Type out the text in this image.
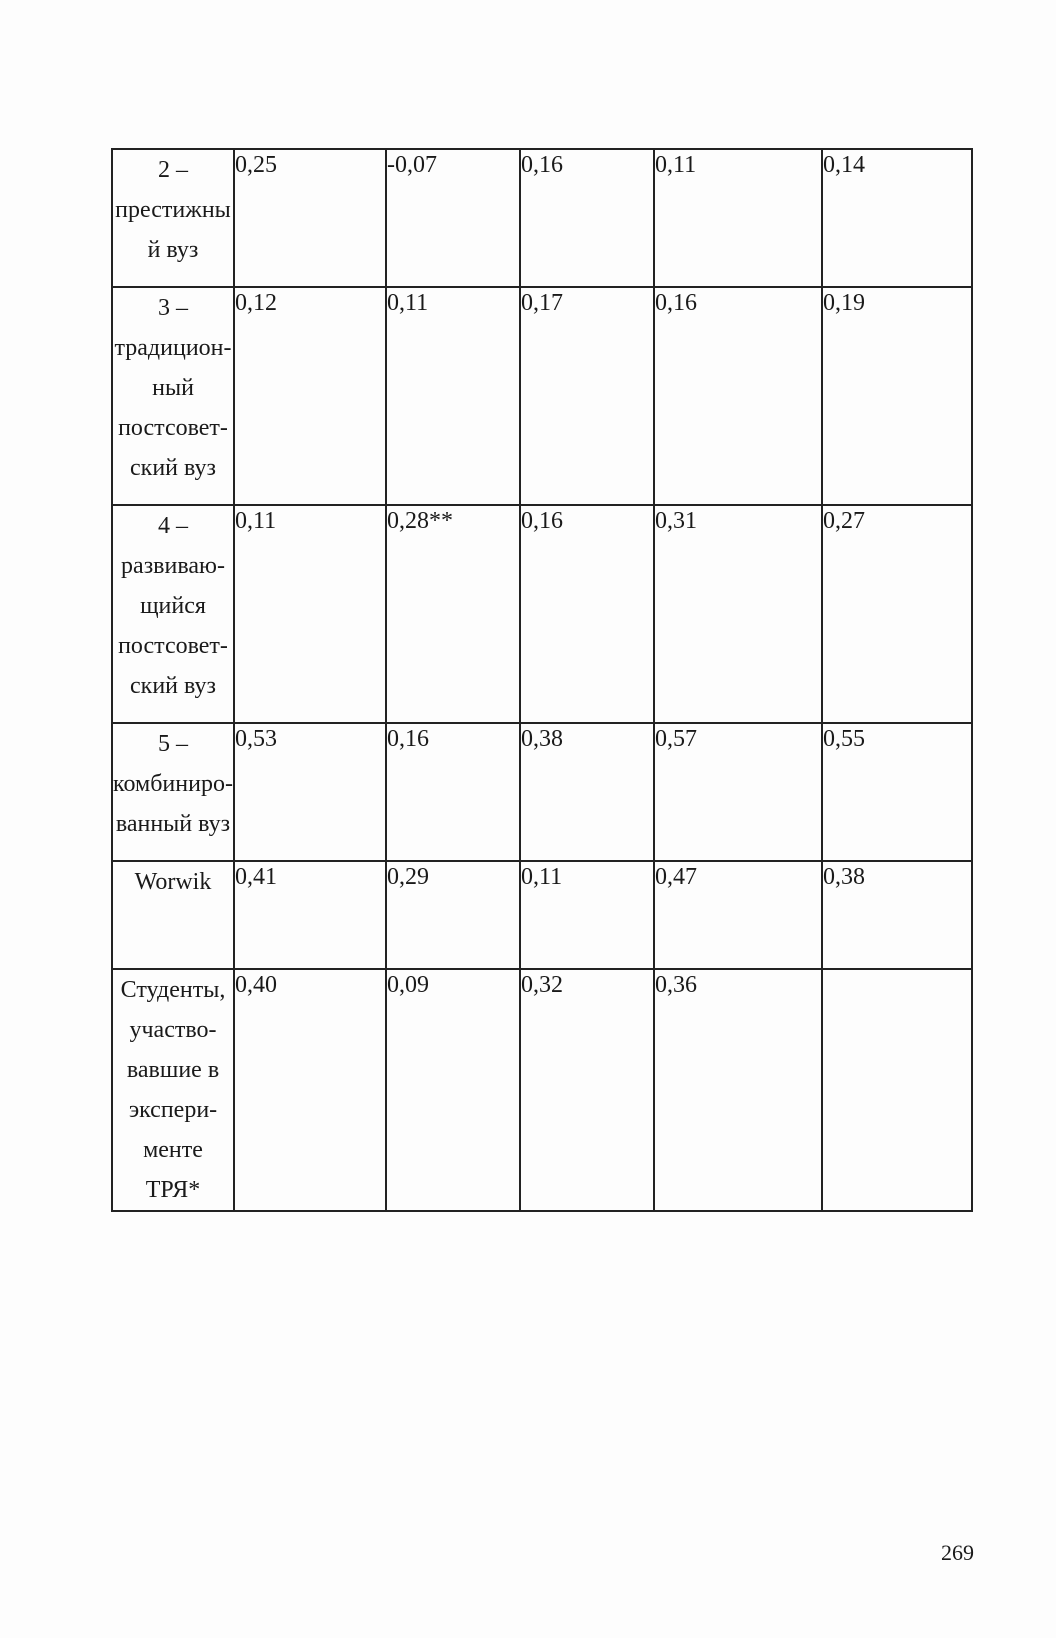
2 –
престижны
й вуз	0,25	-0,07	0,16	0,11	0,14

3 –
традицион-
ный
постсовет-
ский вуз	0,12	0,11	0,17	0,16	0,19

4 –
развиваю-
щийся
постсовет-
ский вуз	0,11	0,28**	0,16	0,31	0,27

5 –
комбиниро-
ванный вуз	0,53	0,16	0,38	0,57	0,55

Worwik	0,41	0,29	0,11	0,47	0,38

Студенты,
участво-
вавшие в
экспери-
менте ТРЯ*	0,40	0,09	0,32	0,36	
269
